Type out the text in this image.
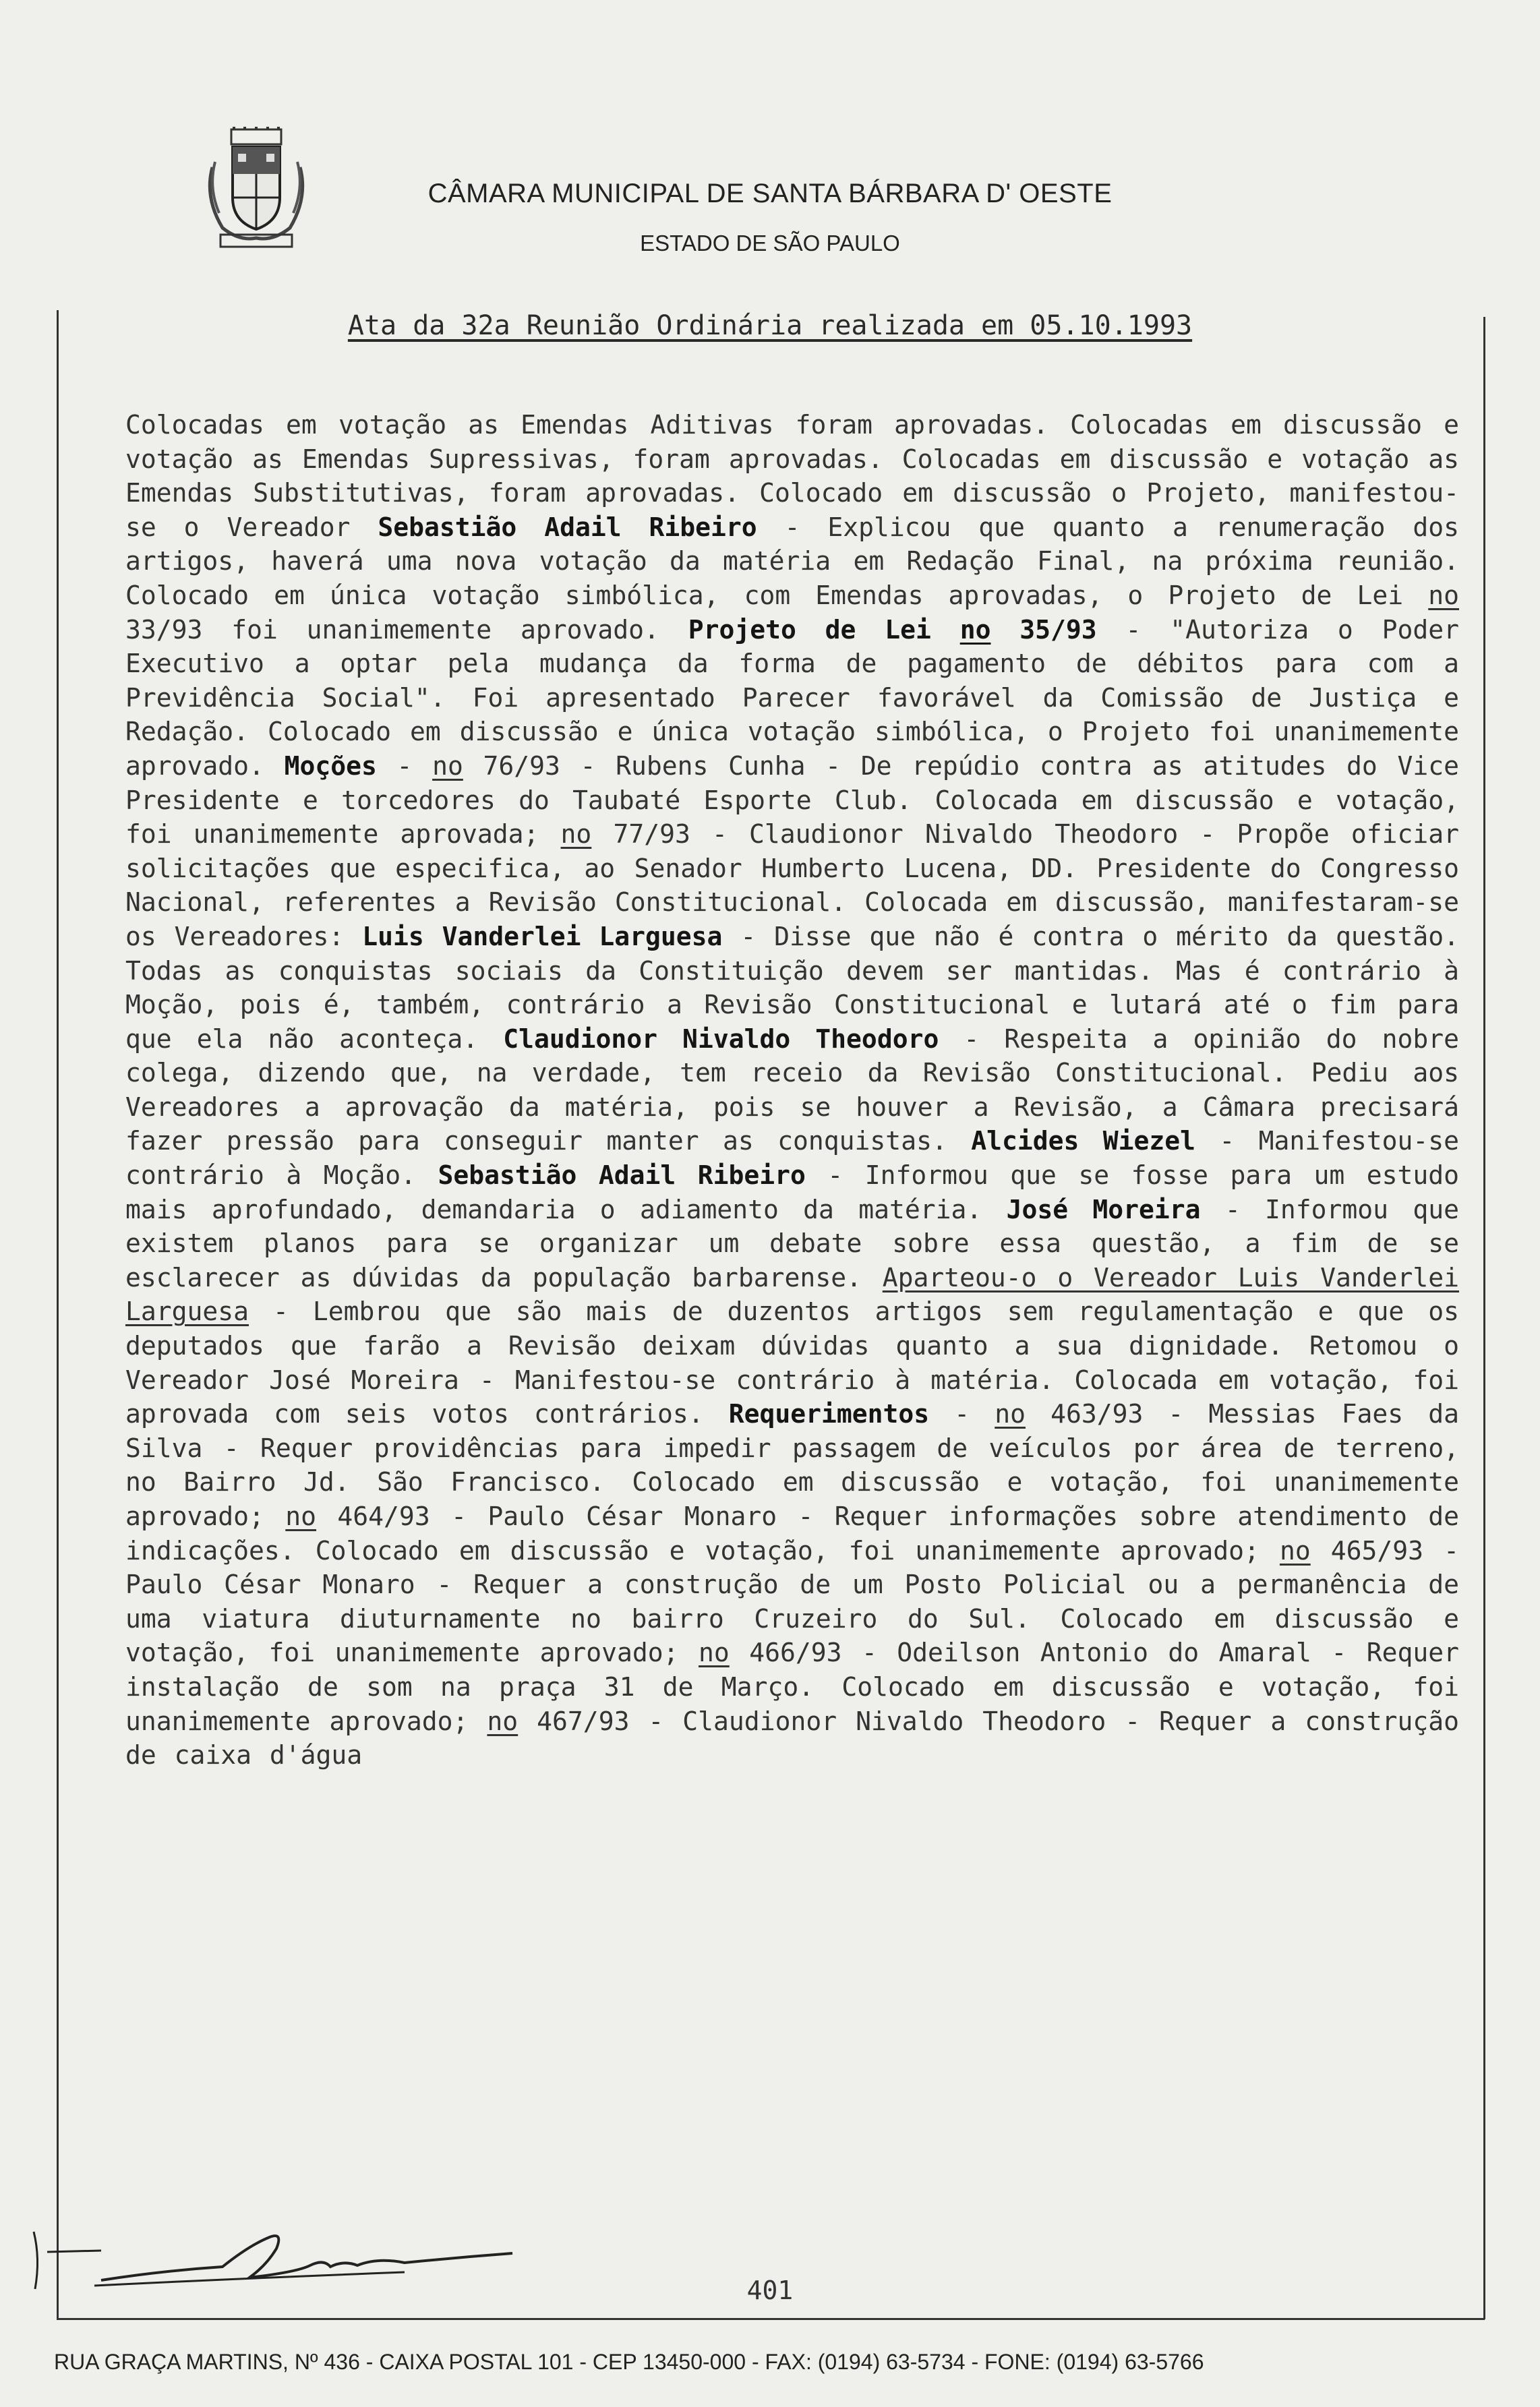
CÂMARA MUNICIPAL DE SANTA BÁRBARA D' OESTE
ESTADO DE SÃO PAULO
Ata da 32a Reunião Ordinária realizada em 05.10.1993
Colocadas em votação as Emendas Aditivas foram aprovadas. Colocadas em discussão e votação as Emendas Supressivas, foram aprovadas. Colocadas em discussão e votação as Emendas Substitutivas, foram aprovadas. Colocado em discussão o Projeto, manifestou-se o Vereador Sebastião Adail Ribeiro - Explicou que quanto a renumeração dos artigos, haverá uma nova votação da matéria em Redação Final, na próxima reunião. Colocado em única votação simbólica, com Emendas aprovadas, o Projeto de Lei no 33/93 foi unanimemente aprovado. Projeto de Lei no 35/93 - "Autoriza o Poder Executivo a optar pela mudança da forma de pagamento de débitos para com a Previdência Social". Foi apresentado Parecer favorável da Comissão de Justiça e Redação. Colocado em discussão e única votação simbólica, o Projeto foi unanimemente aprovado. Moções - no 76/93 - Rubens Cunha - De repúdio contra as atitudes do Vice Presidente e torcedores do Taubaté Esporte Club. Colocada em discussão e votação, foi unanimemente aprovada; no 77/93 - Claudionor Nivaldo Theodoro - Propõe oficiar solicitações que especifica, ao Senador Humberto Lucena, DD. Presidente do Congresso Nacional, referentes a Revisão Constitucional. Colocada em discussão, manifestaram-se os Vereadores: Luis Vanderlei Larguesa - Disse que não é contra o mérito da questão. Todas as conquistas sociais da Constituição devem ser mantidas. Mas é contrário à Moção, pois é, também, contrário a Revisão Constitucional e lutará até o fim para que ela não aconteça. Claudionor Nivaldo Theodoro - Respeita a opinião do nobre colega, dizendo que, na verdade, tem receio da Revisão Constitucional. Pediu aos Vereadores a aprovação da matéria, pois se houver a Revisão, a Câmara precisará fazer pressão para conseguir manter as conquistas. Alcides Wiezel - Manifestou-se contrário à Moção. Sebastião Adail Ribeiro - Informou que se fosse para um estudo mais aprofundado, demandaria o adiamento da matéria. José Moreira - Informou que existem planos para se organizar um debate sobre essa questão, a fim de se esclarecer as dúvidas da população barbarense. Aparteou-o o Vereador Luis Vanderlei Larguesa - Lembrou que são mais de duzentos artigos sem regulamentação e que os deputados que farão a Revisão deixam dúvidas quanto a sua dignidade. Retomou o Vereador José Moreira - Manifestou-se contrário à matéria. Colocada em votação, foi aprovada com seis votos contrários. Requerimentos - no 463/93 - Messias Faes da Silva - Requer providências para impedir passagem de veículos por área de terreno, no Bairro Jd. São Francisco. Colocado em discussão e votação, foi unanimemente aprovado; no 464/93 - Paulo César Monaro - Requer informações sobre atendimento de indicações. Colocado em discussão e votação, foi unanimemente aprovado; no 465/93 - Paulo César Monaro - Requer a construção de um Posto Policial ou a permanência de uma viatura diuturnamente no bairro Cruzeiro do Sul. Colocado em discussão e votação, foi unanimemente aprovado; no 466/93 - Odeilson Antonio do Amaral - Requer instalação de som na praça 31 de Março. Colocado em discussão e votação, foi unanimemente aprovado; no 467/93 - Claudionor Nivaldo Theodoro - Requer a construção de caixa d'água
401
RUA GRAÇA MARTINS, Nº 436 - CAIXA POSTAL 101 - CEP 13450-000 - FAX: (0194) 63-5734 - FONE: (0194) 63-5766
